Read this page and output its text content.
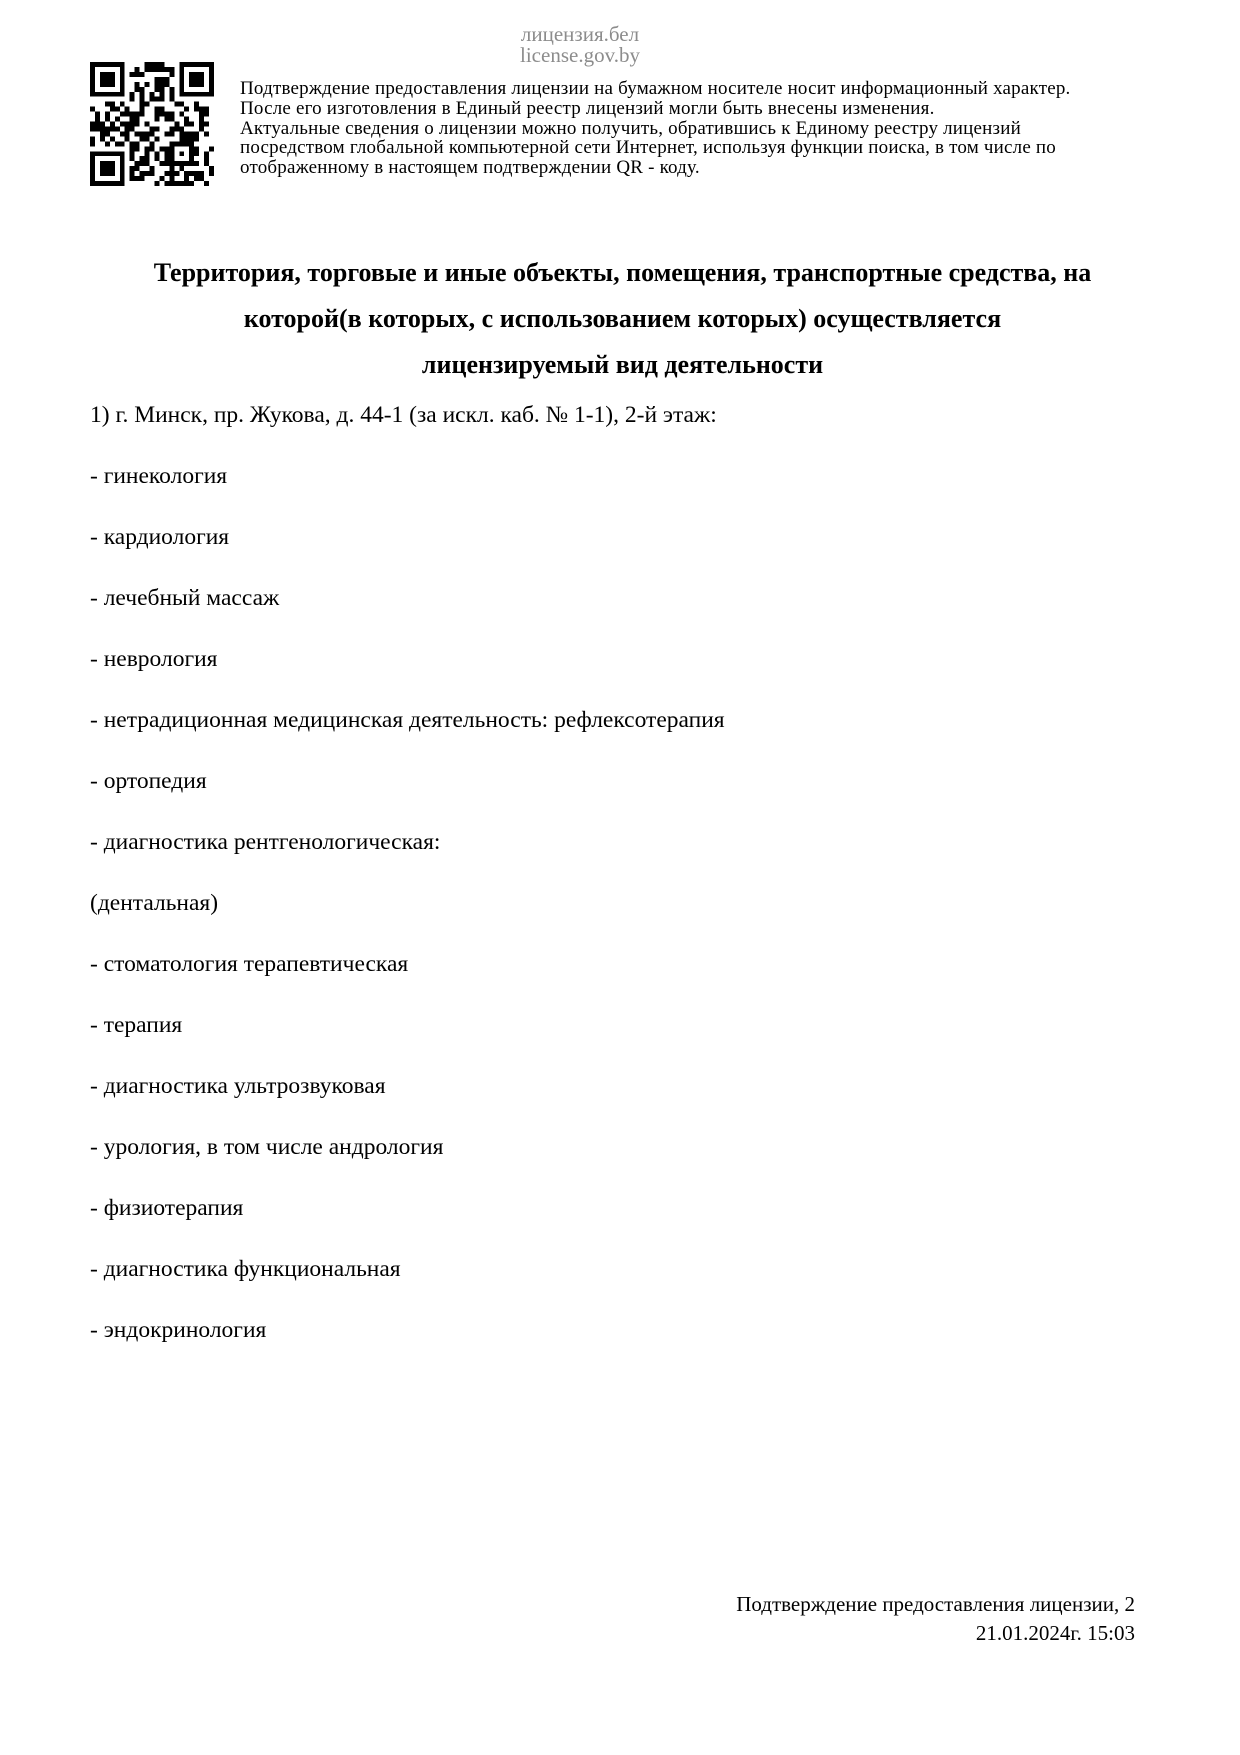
лицензия.бел
license.gov.by
Подтверждение предоставления лицензии на бумажном носителе носит информационный характер.
После его изготовления в Единый реестр лицензий могли быть внесены изменения.
Актуальные сведения о лицензии можно получить, обратившись к Единому реестру лицензий
посредством глобальной компьютерной сети Интернет, используя функции поиска, в том числе по
отображенному в настоящем подтверждении QR - коду.
Территория, торговые и иные объекты, помещения, транспортные средства, на
которой(в которых, с использованием которых) осуществляется
лицензируемый вид деятельности
1) г. Минск, пр. Жукова, д. 44-1 (за искл. каб. № 1-1), 2-й этаж:
- гинекология
- кардиология
- лечебный массаж
- неврология
- нетрадиционная медицинская деятельность: рефлексотерапия
- ортопедия
- диагностика рентгенологическая:
(дентальная)
- стоматология терапевтическая
- терапия
- диагностика ультрозвуковая
- урология, в том числе андрология
- физиотерапия
- диагностика функциональная
- эндокринология
Подтверждение предоставления лицензии, 2
21.01.2024г. 15:03
